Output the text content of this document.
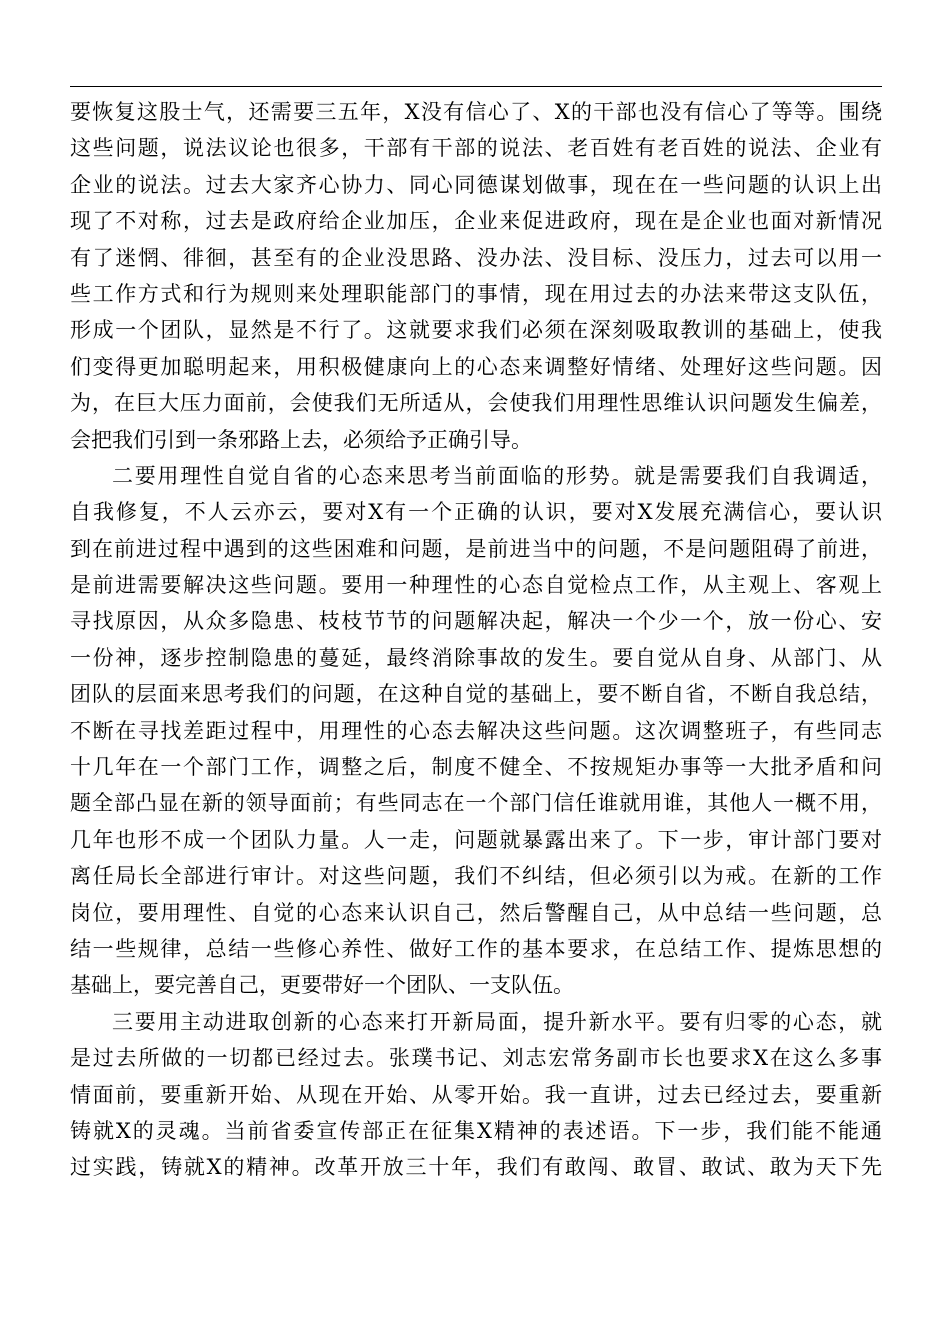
要恢复这股士气，还需要三五年，X没有信心了、X的干部也没有信心了等等。围绕
这些问题，说法议论也很多，干部有干部的说法、老百姓有老百姓的说法、企业有
企业的说法。过去大家齐心协力、同心同德谋划做事，现在在一些问题的认识上出
现了不对称，过去是政府给企业加压，企业来促进政府，现在是企业也面对新情况
有了迷惘、徘徊，甚至有的企业没思路、没办法、没目标、没压力，过去可以用一
些工作方式和行为规则来处理职能部门的事情，现在用过去的办法来带这支队伍，
形成一个团队，显然是不行了。这就要求我们必须在深刻吸取教训的基础上，使我
们变得更加聪明起来，用积极健康向上的心态来调整好情绪、处理好这些问题。因
为，在巨大压力面前，会使我们无所适从，会使我们用理性思维认识问题发生偏差，
会把我们引到一条邪路上去，必须给予正确引导。
二要用理性自觉自省的心态来思考当前面临的形势。就是需要我们自我调适，
自我修复，不人云亦云，要对X有一个正确的认识，要对X发展充满信心，要认识
到在前进过程中遇到的这些困难和问题，是前进当中的问题，不是问题阻碍了前进，
是前进需要解决这些问题。要用一种理性的心态自觉检点工作，从主观上、客观上
寻找原因，从众多隐患、枝枝节节的问题解决起，解决一个少一个，放一份心、安
一份神，逐步控制隐患的蔓延，最终消除事故的发生。要自觉从自身、从部门、从
团队的层面来思考我们的问题，在这种自觉的基础上，要不断自省，不断自我总结，
不断在寻找差距过程中，用理性的心态去解决这些问题。这次调整班子，有些同志
十几年在一个部门工作，调整之后，制度不健全、不按规矩办事等一大批矛盾和问
题全部凸显在新的领导面前；有些同志在一个部门信任谁就用谁，其他人一概不用，
几年也形不成一个团队力量。人一走，问题就暴露出来了。下一步，审计部门要对
离任局长全部进行审计。对这些问题，我们不纠结，但必须引以为戒。在新的工作
岗位，要用理性、自觉的心态来认识自己，然后警醒自己，从中总结一些问题，总
结一些规律，总结一些修心养性、做好工作的基本要求，在总结工作、提炼思想的
基础上，要完善自己，更要带好一个团队、一支队伍。
三要用主动进取创新的心态来打开新局面，提升新水平。要有归零的心态，就
是过去所做的一切都已经过去。张璞书记、刘志宏常务副市长也要求X在这么多事
情面前，要重新开始、从现在开始、从零开始。我一直讲，过去已经过去，要重新
铸就X的灵魂。当前省委宣传部正在征集X精神的表述语。下一步，我们能不能通
过实践，铸就X的精神。改革开放三十年，我们有敢闯、敢冒、敢试、敢为天下先
